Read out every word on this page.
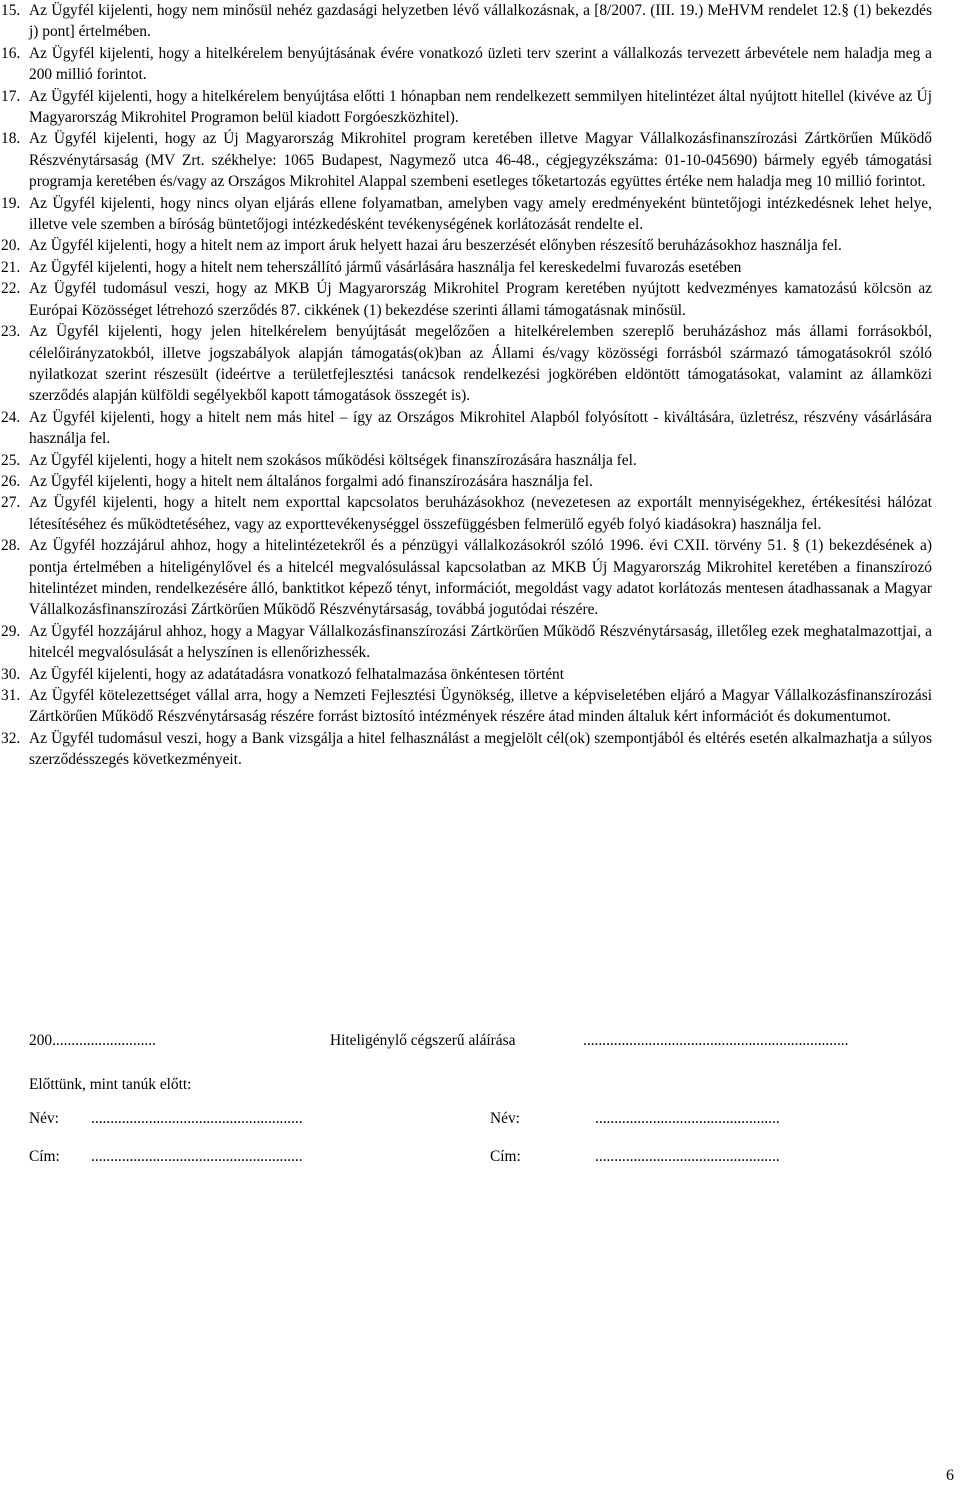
15. Az Ügyfél kijelenti, hogy nem minősül nehéz gazdasági helyzetben lévő vállalkozásnak, a [8/2007. (III. 19.) MeHVM rendelet 12.§ (1) bekezdés j) pont] értelmében.
16. Az Ügyfél kijelenti, hogy a hitelkérelem benyújtásának évére vonatkozó üzleti terv szerint a vállalkozás tervezett árbevétele nem haladja meg a 200 millió forintot.
17. Az Ügyfél kijelenti, hogy a hitelkérelem benyújtása előtti 1 hónapban nem rendelkezett semmilyen hitelintézet által nyújtott hitellel (kivéve az Új Magyarország Mikrohitel Programon belül kiadott Forgóeszközhitel).
18. Az Ügyfél kijelenti, hogy az Új Magyarország Mikrohitel program keretében illetve Magyar Vállalkozásfinanszírozási Zártkörűen Működő Részvénytársaság (MV Zrt. székhelye: 1065 Budapest, Nagymező utca 46-48., cégjegyzékszáma: 01-10-045690) bármely egyéb támogatási programja keretében és/vagy az Országos Mikrohitel Alappal szembeni esetleges tőketartozás együttes értéke nem haladja meg 10 millió forintot.
19. Az Ügyfél kijelenti, hogy nincs olyan eljárás ellene folyamatban, amelyben vagy amely eredményeként büntetőjogi intézkedésnek lehet helye, illetve vele szemben a bíróság büntetőjogi intézkedésként tevékenységének korlátozását rendelte el.
20. Az Ügyfél kijelenti, hogy a hitelt nem az import áruk helyett hazai áru beszerzését előnyben részesítő beruházásokhoz használja fel.
21. Az Ügyfél kijelenti, hogy a hitelt nem teherszállító jármű vásárlására használja fel kereskedelmi fuvarozás esetében
22. Az Ügyfél tudomásul veszi, hogy az MKB Új Magyarország Mikrohitel Program keretében nyújtott kedvezményes kamatozású kölcsön az Európai Közösséget létrehozó szerződés 87. cikkének (1) bekezdése szerinti állami támogatásnak minősül.
23. Az Ügyfél kijelenti, hogy jelen hitelkérelem benyújtását megelőzően a hitelkérelemben szereplő beruházáshoz más állami forrásokból, célelőirányzatokból, illetve jogszabályok alapján támogatás(ok)ban az Állami és/vagy közösségi forrásból származó támogatásokról szóló nyilatkozat szerint részesült (ideértve a területfejlesztési tanácsok rendelkezési jogkörében eldöntött támogatásokat, valamint az államközi szerződés alapján külföldi segélyekből kapott támogatások összegét is).
24. Az Ügyfél kijelenti, hogy a hitelt nem más hitel – így az Országos Mikrohitel Alapból folyósított - kiváltására, üzletrész, részvény vásárlására használja fel.
25. Az Ügyfél kijelenti, hogy a hitelt nem szokásos működési költségek finanszírozására használja fel.
26. Az Ügyfél kijelenti, hogy a hitelt nem általános forgalmi adó finanszírozására használja fel.
27. Az Ügyfél kijelenti, hogy a hitelt nem exporttal kapcsolatos beruházásokhoz (nevezetesen az exportált mennyiségekhez, értékesítési hálózat létesítéséhez és működtetéséhez, vagy az exporttevékenységgel összefüggésben felmerülő egyéb folyó kiadásokra) használja fel.
28. Az Ügyfél hozzájárul ahhoz, hogy a hitelintézetekről és a pénzügyi vállalkozásokról szóló 1996. évi CXII. törvény 51. § (1) bekezdésének a) pontja értelmében a hiteligénylővel és a hitelcél megvalósulással kapcsolatban az MKB Új Magyarország Mikrohitel keretében a finanszírozó hitelintézet minden, rendelkezésére álló, banktitkot képező tényt, információt, megoldást vagy adatot korlátozás mentesen átadhassanak a Magyar Vállalkozásfinanszírozási Zártkörűen Működő Részvénytársaság, továbbá jogutódai részére.
29. Az Ügyfél hozzájárul ahhoz, hogy a Magyar Vállalkozásfinanszírozási Zártkörűen Működő Részvénytársaság, illetőleg ezek meghatalmazottjai, a hitelcél megvalósulását a helyszínen is ellenőrizhessék.
30. Az Ügyfél kijelenti, hogy az adatátadásra vonatkozó felhatalmazása önkéntesen történt
31. Az Ügyfél kötelezettséget vállal arra, hogy a Nemzeti Fejlesztési Ügynökség, illetve a képviseletében eljáró a Magyar Vállalkozásfinanszírozási Zártkörűen Működő Részvénytársaság részére forrást biztosító intézmények részére átad minden általuk kért információt és dokumentumot.
32. Az Ügyfél tudomásul veszi, hogy a Bank vizsgálja a hitel felhasználást a megjelölt cél(ok) szempontjából és eltérés esetén alkalmazhatja a súlyos szerződésszegés következményeit.
200...........................	Hiteligénylő cégszerű aláírása	.....................................................................
Előttünk, mint tanúk előtt:
Név: .......................................................	Név:	................................................
Cím: .......................................................	Cím:	................................................
6
